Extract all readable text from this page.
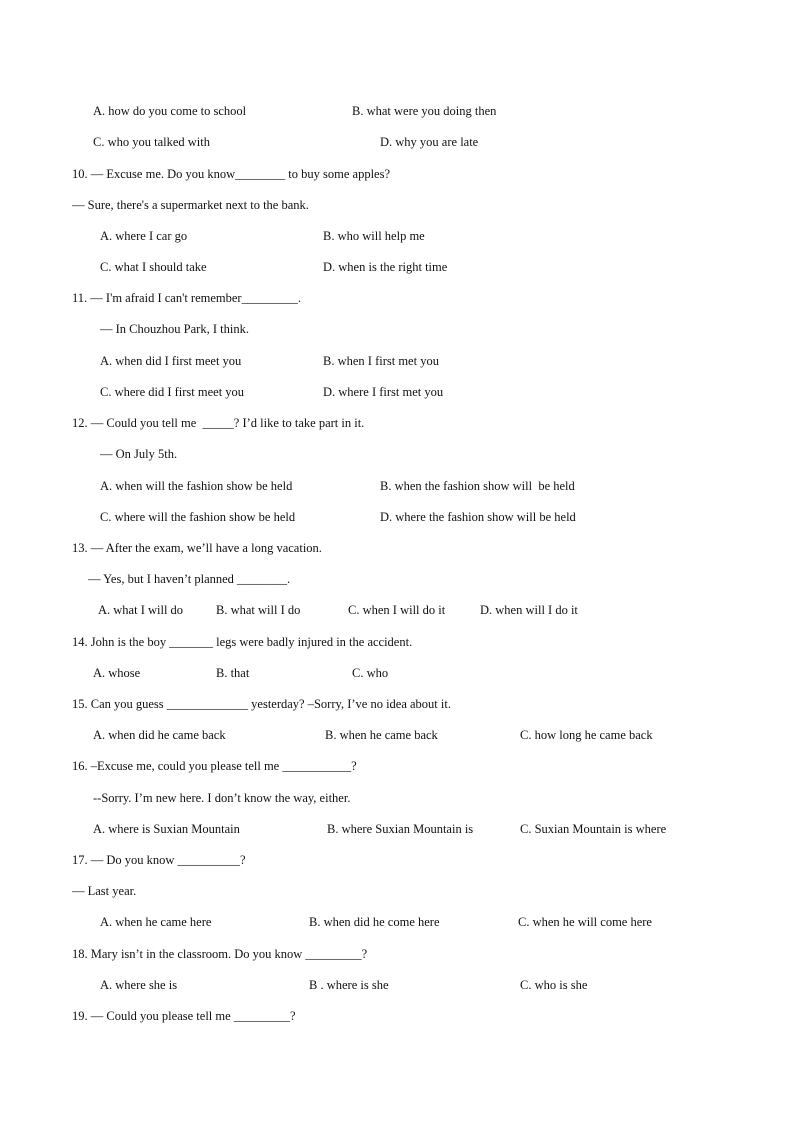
A. how do you come to school	B. what were you doing then
C. who you talked with	D. why you are late
10. — Excuse me. Do you know________ to buy some apples?
— Sure, there's a supermarket next to the bank.
A. where I car go	B. who will help me
C. what I should take	D. when is the right time
11. — I'm afraid I can't remember_________.
— In Chouzhou Park, I think.
A. when did I first meet you	B. when I first met you
C. where did I first meet you	D. where I first met you
12. — Could you tell me  _____? I’d like to take part in it.
— On July 5th.
A. when will the fashion show be held	B. when the fashion show will  be held
C. where will the fashion show be held	D. where the fashion show will be held
13. — After the exam, we’ll have a long vacation.
— Yes, but I haven’t planned ________.
A. what I will do	B. what will I do	C. when I will do it	D. when will I do it
14. John is the boy _______ legs were badly injured in the accident.
A. whose	B. that	C. who
15. Can you guess _____________ yesterday? –Sorry, I’ve no idea about it.
A. when did he came back	B. when he came back	C. how long he came back
16. –Excuse me, could you please tell me ___________?
--Sorry. I’m new here. I don’t know the way, either.
A. where is Suxian Mountain	B. where Suxian Mountain is	C. Suxian Mountain is where
17. — Do you know __________?
— Last year.
A. when he came here	B. when did he come here	C. when he will come here
18. Mary isn’t in the classroom. Do you know _________?
A. where she is	B . where is she	C. who is she
19. — Could you please tell me _________?
